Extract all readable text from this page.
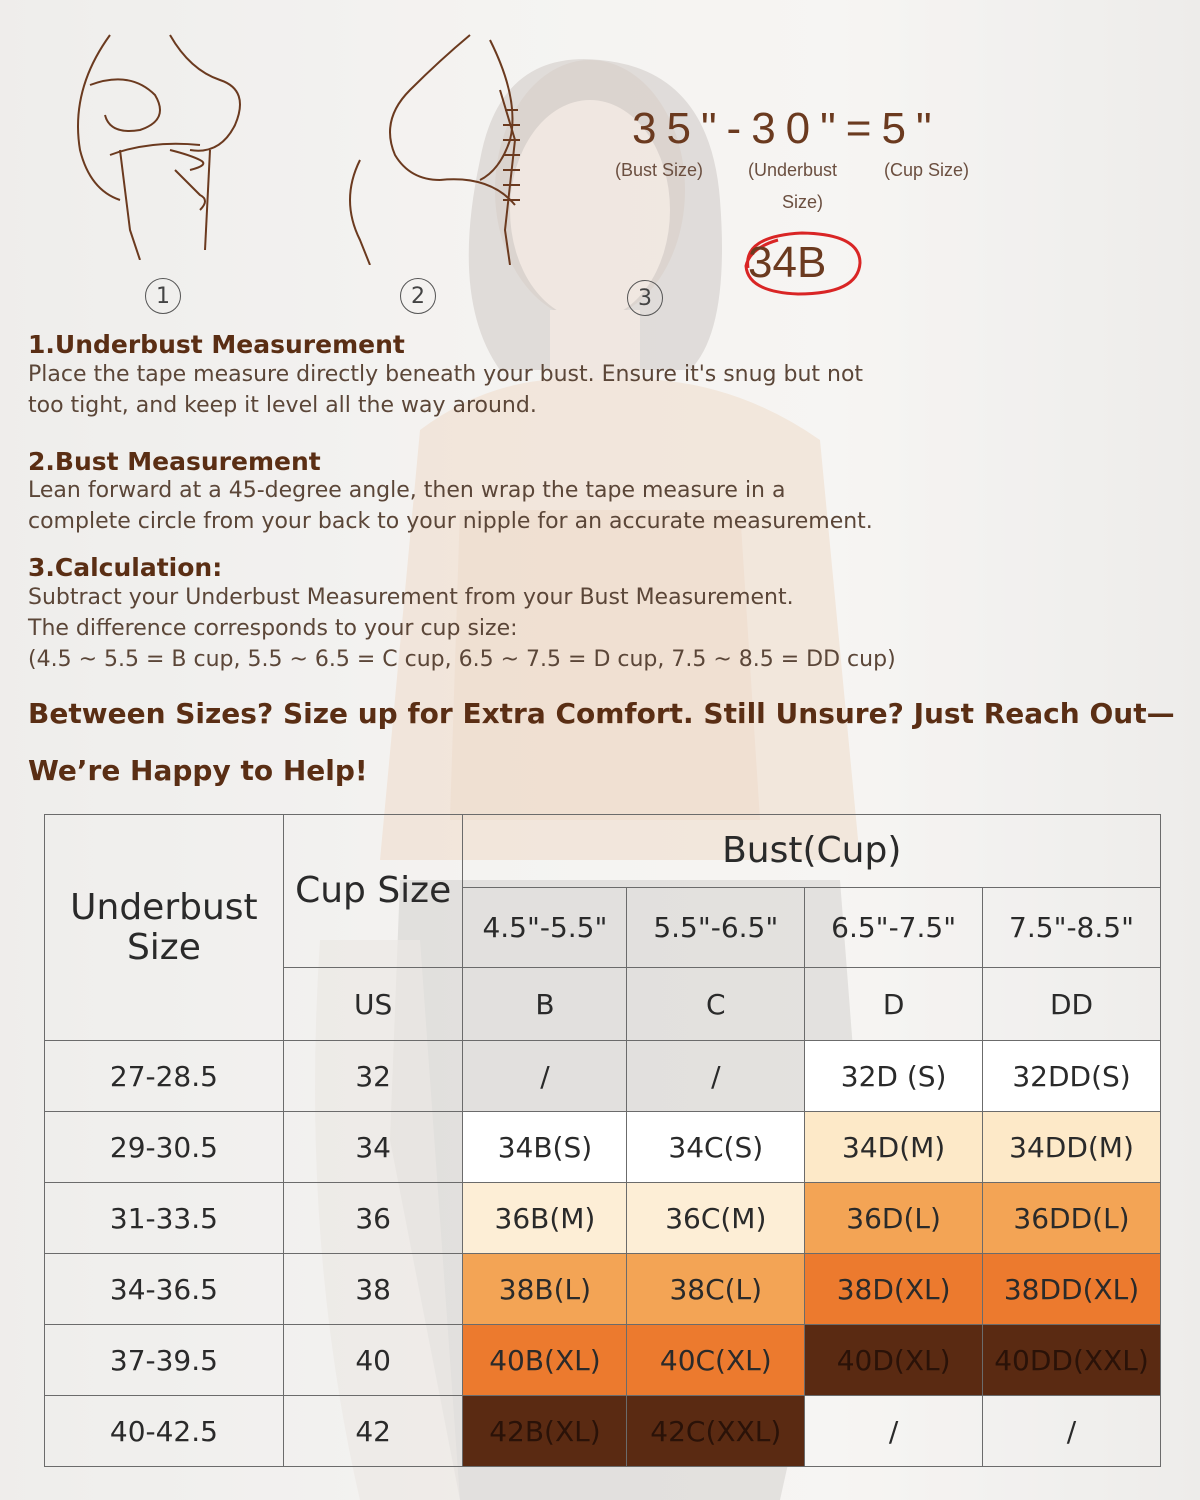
1	2	3
35"-30"=5"
(Bust Size) (Underbust
Size)
(Cup Size)
34B
1.Underbust Measurement
Place the tape measure directly beneath your bust. Ensure it's snug but not
too tight, and keep it level all the way around.
2.Bust Measurement
Lean forward at a 45-degree angle, then wrap the tape measure in a
complete circle from your back to your nipple for an accurate measurement.
3.Calculation:
Subtract your Underbust Measurement from your Bust Measurement.
The difference corresponds to your cup size:
(4.5 ~ 5.5 = B cup, 5.5 ~ 6.5 = C cup, 6.5 ~ 7.5 = D cup, 7.5 ~ 8.5 = DD cup)
Between Sizes? Size up for Extra Comfort. Still Unsure? Just Reach Out—We’re Happy to Help!
Underbust Size	Cup Size	Bust(Cup)			
		4.5"-5.5"	5.5"-6.5"	6.5"-7.5"	7.5"-8.5"
	US	B	C	D	DD
27-28.5	32	/	/	32D (S)	32DD(S)
29-30.5	34	34B(S)	34C(S)	34D(M)	34DD(M)
31-33.5	36	36B(M)	36C(M)	36D(L)	36DD(L)
34-36.5	38	38B(L)	38C(L)	38D(XL)	38DD(XL)
37-39.5	40	40B(XL)	40C(XL)	40D(XL)	40DD(XXL)
40-42.5	42	42B(XL)	42C(XXL)	/	/
